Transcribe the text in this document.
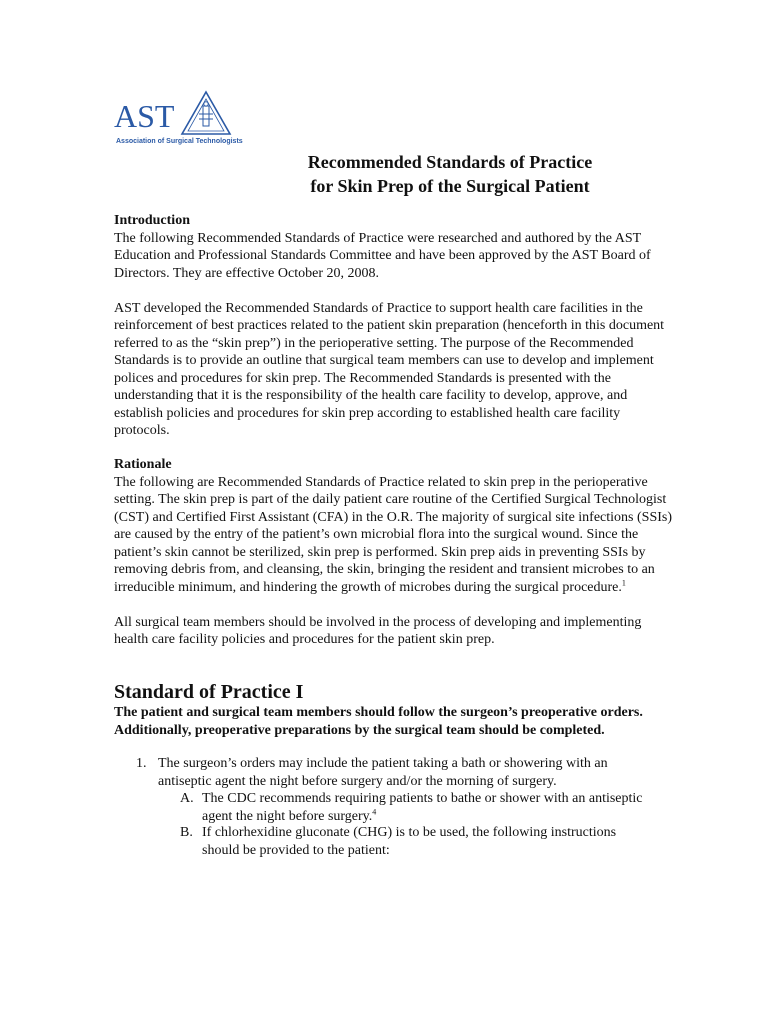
AST
Association of Surgical Technologists
Recommended Standards of Practice
for Skin Prep of the Surgical Patient

Introduction

The following Recommended Standards of Practice were researched and authored by the AST Education and Professional Standards Committee and have been approved by the AST Board of Directors. They are effective October 20, 2008.

AST developed the Recommended Standards of Practice to support health care facilities in the reinforcement of best practices related to the patient skin preparation (henceforth in this document referred to as the “skin prep”) in the perioperative setting. The purpose of the Recommended Standards is to provide an outline that surgical team members can use to develop and implement polices and procedures for skin prep. The Recommended Standards is presented with the understanding that it is the responsibility of the health care facility to develop, approve, and establish policies and procedures for skin prep according to established health care facility protocols.

Rationale

The following are Recommended Standards of Practice related to skin prep in the perioperative setting. The skin prep is part of the daily patient care routine of the Certified Surgical Technologist (CST) and Certified First Assistant (CFA) in the O.R. The majority of surgical site infections (SSIs) are caused by the entry of the patient’s own microbial flora into the surgical wound. Since the patient’s skin cannot be sterilized, skin prep is performed. Skin prep aids in preventing SSIs by removing debris from, and cleansing, the skin, bringing the resident and transient microbes to an irreducible minimum, and hindering the growth of microbes during the surgical procedure.$^1$

All surgical team members should be involved in the process of developing and implementing health care facility policies and procedures for the patient skin prep.

Standard of Practice I
The patient and surgical team members should follow the surgeon’s preoperative orders. Additionally, preoperative preparations by the surgical team should be completed.
1. The surgeon’s orders may include the patient taking a bath or showering with an antiseptic agent the night before surgery and/or the morning of surgery.
A. The CDC recommends requiring patients to bathe or shower with an antiseptic agent the night before surgery.$^4$
B. If chlorhexidine gluconate (CHG) is to be used, the following instructions should be provided to the patient:
